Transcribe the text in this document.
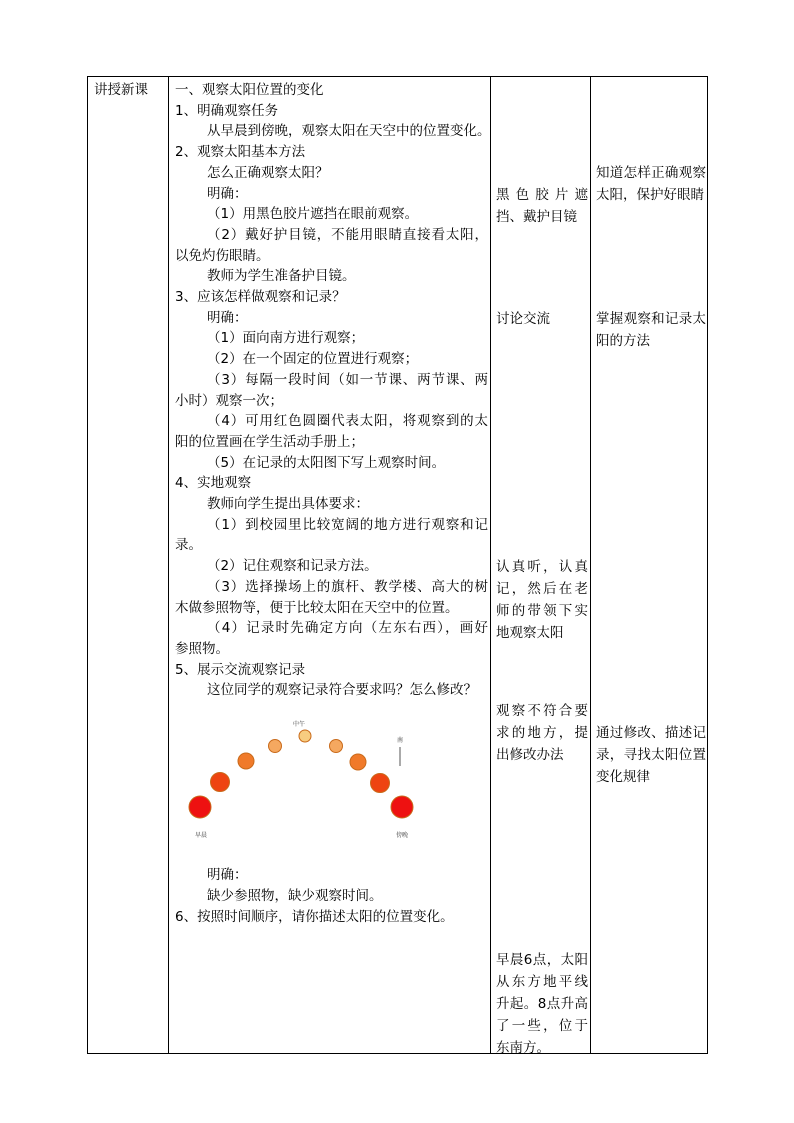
讲授新课	一、观察太阳位置的变化
1、明确观察任务
从早晨到傍晚，观察太阳在天空中的位置变化。
2、观察太阳基本方法
怎么正确观察太阳？
明确：
（1）用黑色胶片遮挡在眼前观察。
（2）戴好护目镜，不能用眼睛直接看太阳，
以免灼伤眼睛。
教师为学生准备护目镜。
3、应该怎样做观察和记录？
明确：
（1）面向南方进行观察；
（2）在一个固定的位置进行观察；
（3）每隔一段时间（如一节课、两节课、两
小时）观察一次；
（4）可用红色圆圈代表太阳，将观察到的太
阳的位置画在学生活动手册上；
（5）在记录的太阳图下写上观察时间。
4、实地观察
教师向学生提出具体要求：
（1）到校园里比较宽阔的地方进行观察和记
录。
（2）记住观察和记录方法。
（3）选择操场上的旗杆、教学楼、高大的树
木做参照物等，便于比较太阳在天空中的位置。
（4）记录时先确定方向（左东右西），画好
参照物。
5、展示交流观察记录
这位同学的观察记录符合要求吗？怎么修改？
中午
南
早晨	傍晚
明确：
缺少参照物，缺少观察时间。
6、按照时间顺序，请你描述太阳的位置变化。
黑色胶片遮挡、戴护目镜
讨论交流
认真听，认真记，然后在老师的带领下实地观察太阳
观察不符合要求的地方，提出修改办法
早晨6点，太阳从东方地平线升起。8点升高了一些，位于东南方。
知道怎样正确观察太阳，保护好眼睛
掌握观察和记录太阳的方法
通过修改、描述记录，寻找太阳位置变化规律
